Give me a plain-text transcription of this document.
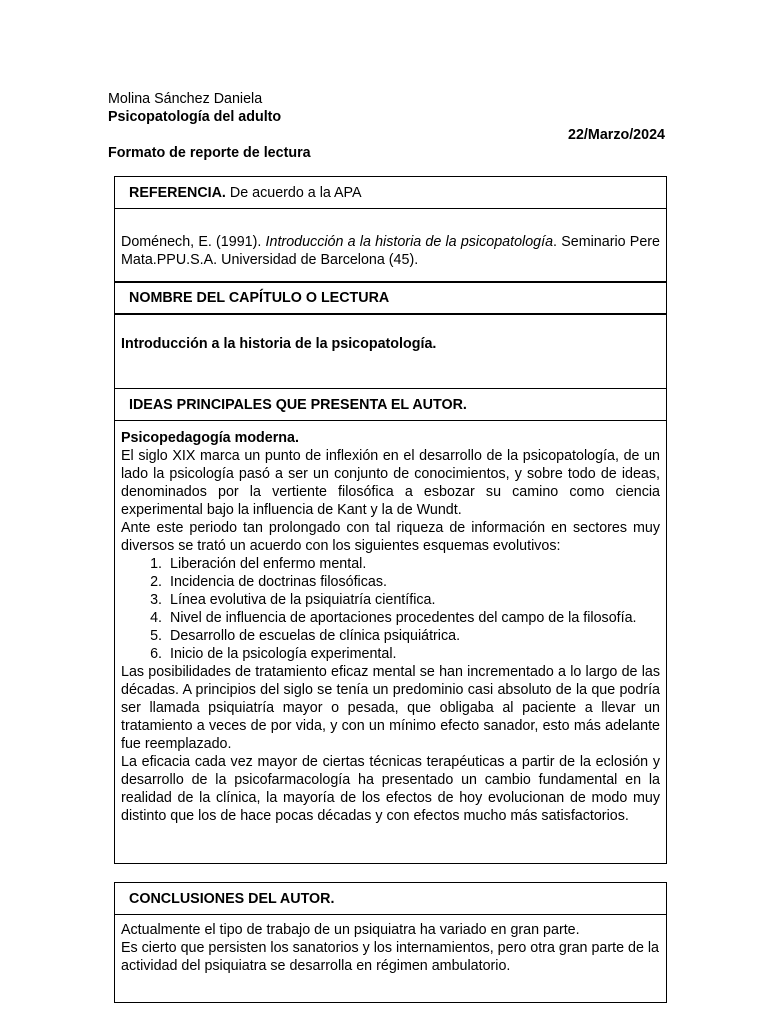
Molina Sánchez Daniela
Psicopatología del adulto
22/Marzo/2024
Formato de reporte de lectura
REFERENCIA.
De acuerdo a la APA
Doménech, E. (1991). Introducción a la historia de la psicopatología. Seminario Pere Mata.PPU.S.A. Universidad de Barcelona (45).
NOMBRE DEL CAPÍTULO O LECTURA
Introducción a la historia de la psicopatología.
IDEAS PRINCIPALES QUE PRESENTA EL AUTOR.
Psicopedagogía moderna.
El siglo XIX marca un punto de inflexión en el desarrollo de la psicopatología, de un lado la psicología pasó a ser un conjunto de conocimientos, y sobre todo de ideas, denominados por la vertiente filosófica a esbozar su camino como ciencia experimental bajo la influencia de Kant y la de Wundt.
Ante este periodo tan prolongado con tal riqueza de información en sectores muy diversos se trató un acuerdo con los siguientes esquemas evolutivos:
1. Liberación del enfermo mental.
2. Incidencia de doctrinas filosóficas.
3. Línea evolutiva de la psiquiatría científica.
4. Nivel de influencia de aportaciones procedentes del campo de la filosofía.
5. Desarrollo de escuelas de clínica psiquiátrica.
6. Inicio de la psicología experimental.
Las posibilidades de tratamiento eficaz mental se han incrementado a lo largo de las décadas. A principios del siglo se tenía un predominio casi absoluto de la que podría ser llamada psiquiatría mayor o pesada, que obligaba al paciente a llevar un tratamiento a veces de por vida, y con un mínimo efecto sanador, esto más adelante fue reemplazado.
La eficacia cada vez mayor de ciertas técnicas terapéuticas a partir de la eclosión y desarrollo de la psicofarmacología ha presentado un cambio fundamental en la realidad de la clínica, la mayoría de los efectos de hoy evolucionan de modo muy distinto que los de hace pocas décadas y con efectos mucho más satisfactorios.
CONCLUSIONES DEL AUTOR.
Actualmente el tipo de trabajo de un psiquiatra ha variado en gran parte.
Es cierto que persisten los sanatorios y los internamientos, pero otra gran parte de la actividad del psiquiatra se desarrolla en régimen ambulatorio.
